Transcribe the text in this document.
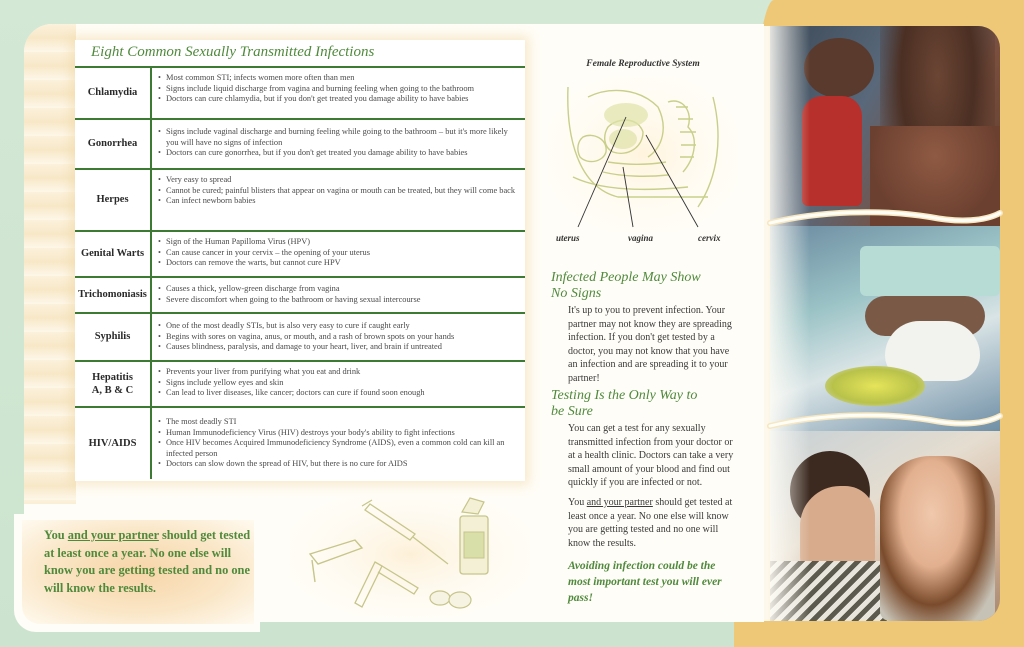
Eight Common Sexually Transmitted Infections
Chlamydia
• Most common STI; infects women more often than men
• Signs include liquid discharge from vagina and burning feeling when going to the bathroom
• Doctors can cure chlamydia, but if you don't get treated you damage ability to have babies
Gonorrhea
• Signs include vaginal discharge and burning feeling while going to the bathroom – but it's more likely you will have no signs of infection
• Doctors can cure gonorrhea, but if you don't get treated you damage ability to have babies
Herpes
• Very easy to spread
• Cannot be cured; painful blisters that appear on vagina or mouth can be treated, but they will come back
• Can infect newborn babies
Genital Warts
• Sign of the Human Papilloma Virus (HPV)
• Can cause cancer in your cervix – the opening of your uterus
• Doctors can remove the warts, but cannot cure HPV
Trichomoniasis
• Causes a thick, yellow-green discharge from vagina
• Severe discomfort when going to the bathroom or having sexual intercourse
Syphilis
• One of the most deadly STIs, but is also very easy to cure if caught early
• Begins with sores on vagina, anus, or mouth, and a rash of brown spots on your hands
• Causes blindness, paralysis, and damage to your heart, liver, and brain if untreated
Hepatitis A, B & C
• Prevents your liver from purifying what you eat and drink
• Signs include yellow eyes and skin
• Can lead to liver diseases, like cancer; doctors can cure if found soon enough
HIV/AIDS
• The most deadly STI
• Human Immunodeficiency Virus (HIV) destroys your body's ability to fight infections
• Once HIV becomes Acquired Immunodeficiency Syndrome (AIDS), even a common cold can kill an infected person
• Doctors can slow down the spread of HIV, but there is no cure for AIDS
Female Reproductive System
uterus	vagina	cervix
Infected People May Show
No Signs

It's up to you to prevent infection. Your partner may not know they are spreading infection. If you don't get tested by a doctor, you may not know that you have an infection and are spreading it to your partner!

Testing Is the Only Way to
be Sure

You can get a test for any sexually transmitted infection from your doctor or at a health clinic. Doctors can take a very small amount of your blood and find out quickly if you are infected or not.

You and your partner should get tested at least once a year. No one else will know you are getting tested and no one will know the results.

Avoiding infection could be the most important test you will ever pass!

You and your partner should get tested at least once a year. No one else will know you are getting tested and no one will know the results.
